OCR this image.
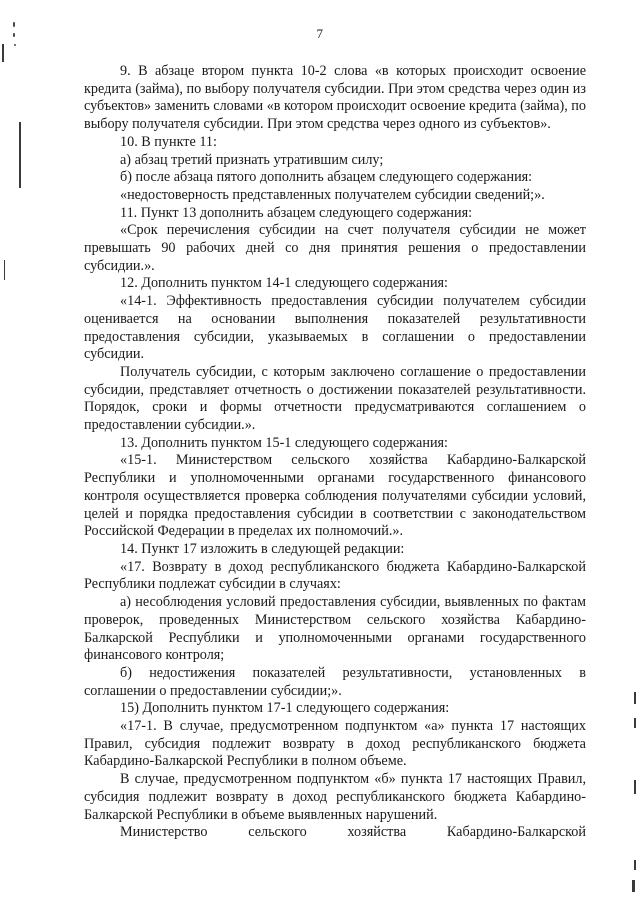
7

9. В абзаце втором пункта 10-2 слова «в которых происходит освоение кредита (займа), по выбору получателя субсидии. При этом средства через один из субъектов» заменить словами «в котором происходит освоение кредита (займа), по выбору получателя субсидии. При этом средства через одного из субъектов».

10. В пункте 11:

а) абзац третий признать утратившим силу;

б) после абзаца пятого дополнить абзацем следующего содержания:

«недостоверность представленных получателем субсидии сведений;».

11. Пункт 13 дополнить абзацем следующего содержания:

«Срок перечисления субсидии на счет получателя субсидии не может превышать 90 рабочих дней со дня принятия решения о предоставлении субсидии.».

12. Дополнить пунктом 14-1 следующего содержания:

«14-1. Эффективность предоставления субсидии получателем субсидии оценивается на основании выполнения показателей результативности предоставления субсидии, указываемых в соглашении о предоставлении субсидии.

Получатель субсидии, с которым заключено соглашение о предоставлении субсидии, представляет отчетность о достижении показателей результативности. Порядок, сроки и формы отчетности предусматриваются соглашением о предоставлении субсидии.».

13. Дополнить пунктом 15-1 следующего содержания:

«15-1. Министерством сельского хозяйства Кабардино-Балкарской Республики и уполномоченными органами государственного финансового контроля осуществляется проверка соблюдения получателями субсидии условий, целей и порядка предоставления субсидии в соответствии с законодательством Российской Федерации в пределах их полномочий.».

14. Пункт 17 изложить в следующей редакции:

«17. Возврату в доход республиканского бюджета Кабардино-Балкарской Республики подлежат субсидии в случаях:

а) несоблюдения условий предоставления субсидии, выявленных по фактам проверок, проведенных Министерством сельского хозяйства Кабардино-Балкарской Республики и уполномоченными органами государственного финансового контроля;

б) недостижения показателей результативности, установленных в соглашении о предоставлении субсидии;».

15) Дополнить пунктом 17-1 следующего содержания:

«17-1. В случае, предусмотренном подпунктом «а» пункта 17 настоящих Правил, субсидия подлежит возврату в доход республиканского бюджета Кабардино-Балкарской Республики в полном объеме.

В случае, предусмотренном подпунктом «б» пункта 17 настоящих Правил, субсидия подлежит возврату в доход республиканского бюджета Кабардино-Балкарской Республики в объеме выявленных нарушений.

Министерство сельского хозяйства Кабардино-Балкарской
